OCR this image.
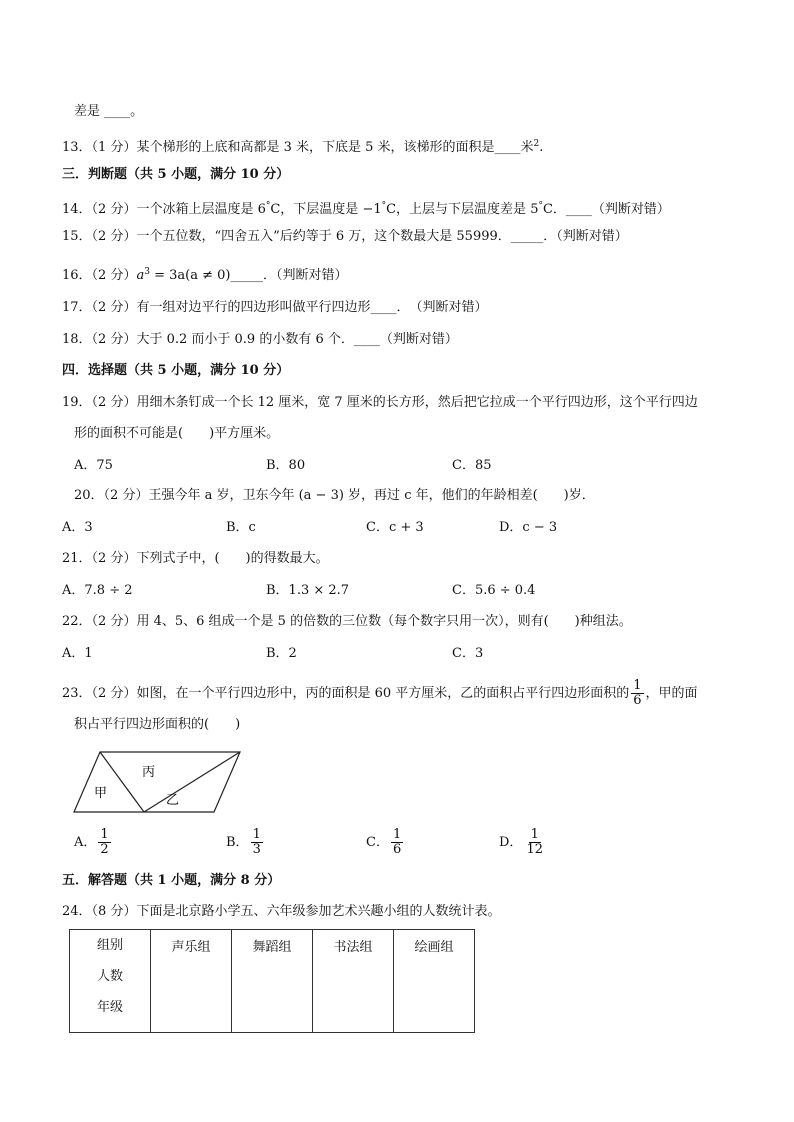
差是 ____。
13．（1 分）某个梯形的上底和高都是 3 米，下底是 5 米，该梯形的面积是____米$^2$.
三．判断题（共 5 小题，满分 10 分）
14．（2 分）一个冰箱上层温度是 6°C，下层温度是 −1°C，上层与下层温度差是 5°C．____（判断对错）
15．（2 分）一个五位数，“四舍五入”后约等于 6 万，这个数最大是 55999．_____．（判断对错）
16．（2 分）$a^3 = 3a(a$ ≠ 0)_____．（判断对错）
17．（2 分）有一组对边平行的四边形叫做平行四边形____．　（判断对错）
18．（2 分）大于 0.2 而小于 0.9 的小数有 6 个．____（判断对错）
四．选择题（共 5 小题，满分 10 分）
19．（2 分）用细木条钉成一个长 12 厘米，宽 7 厘米的长方形，然后把它拉成一个平行四边形，这个平行四边
形的面积不可能是(　　)平方厘米。
A．75	B．80	C．85
20．（2 分）王强今年 a 岁，卫东今年 (a − 3) 岁，再过 c 年，他们的年龄相差(　　)岁．
A．3	B．c	C．c + 3	D．c − 3
21．（2 分）下列式子中，(　　)的得数最大。
A．7.8 ÷ 2	B．1.3 × 2.7	C．5.6 ÷ 0.4
22．（2 分）用 4、5、6 组成一个是 5 的倍数的三位数（每个数字只用一次），则有(　　)种组法。
A．1	B．2	C．3
23．（2 分）如图，在一个平行四边形中，丙的面积是 60 平方厘米，乙的面积占平行四边形面积的 $\frac{1}{6}$ ，甲的面
积占平行四边形面积的(　　)
丙
甲	乙
A． $\frac{1}{2}$	B． $\frac{1}{3}$	C． $\frac{1}{6}$	D． $\frac{1}{12}$
五．解答题（共 1 小题，满分 8 分）
24．（8 分）下面是北京路小学五、六年级参加艺术兴趣小组的人数统计表。
组别
人数
年级
	声乐组	舞蹈组	书法组	绘画组
